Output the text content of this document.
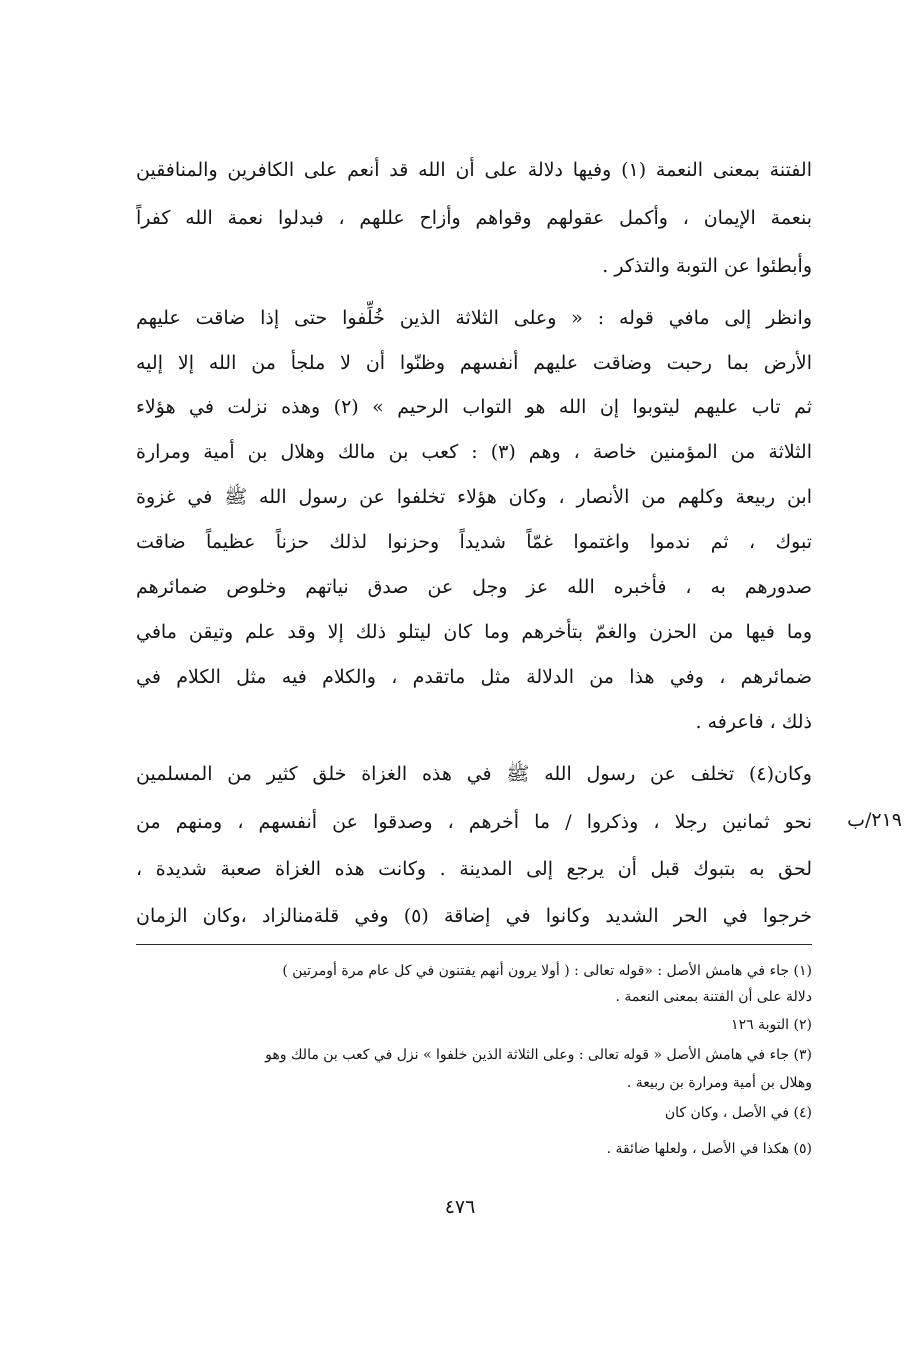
الفتنة بمعنى النعمة (١) وفيها دلالة على أن الله قد أنعم على الكافرين والمنافقين
بنعمة الإيمان ، وأكمل عقولهم وقواهم وأزاح عللهم ، فبدلوا نعمة الله كفراً
وأبطئوا عن التوبة والتذكر .
وانظر إلى مافي قوله : « وعلى الثلاثة الذين خُلِّفوا حتى إذا ضاقت عليهم
الأرض بما رحبت وضاقت عليهم أنفسهم وظنّوا أن لا ملجأ من الله إلا إليه
ثم تاب عليهم ليتوبوا إن الله هو التواب الرحيم » (٢) وهذه نزلت في هؤلاء
الثلاثة من المؤمنين خاصة ، وهم (٣) : كعب بن مالك وهلال بن أمية ومرارة
ابن ربيعة وكلهم من الأنصار ، وكان هؤلاء تخلفوا عن رسول الله ﷺ في غزوة
تبوك ، ثم ندموا واغتموا غمّاً شديداً وحزنوا لذلك حزناً عظيماً ضاقت
صدورهم به ، فأخبره الله عز وجل عن صدق نياتهم وخلوص ضمائرهم
وما فيها من الحزن والغمّ بتأخرهم وما كان ليتلو ذلك إلا وقد علم وتيقن مافي
ضمائرهم ، وفي هذا من الدلالة مثل ماتقدم ، والكلام فيه مثل الكلام في
ذلك ، فاعرفه .
وكان(٤) تخلف عن رسول الله ﷺ في هذه الغزاة خلق كثير من المسلمين
نحو ثمانين رجلا ، وذكروا / ما أخرهم ، وصدقوا عن أنفسهم ، ومنهم من
لحق به بتبوك قبل أن يرجع إلى المدينة . وكانت هذه الغزاة صعبة شديدة ،
خرجوا في الحر الشديد وكانوا في إضاقة (٥) وفي قلةمنالزاد ،وكان الزمان
٢١٩/ب
(١) جاء في هامش الأصل : «قوله تعالى : ( أولا يرون أنهم يفتنون في كل عام مرة أومرتين )
دلالة على أن الفتنة بمعنى النعمة .
(٢) التوبة ١٢٦
(٣) جاء في هامش الأصل « قوله تعالى : وعلى الثلاثة الذين خلفوا » نزل في كعب بن مالك وهو
وهلال بن أمية ومرارة بن ربيعة .
(٤) في الأصل ، وكان كان
(٥) هكذا في الأصل ، ولعلها ضائقة .
٤٧٦
